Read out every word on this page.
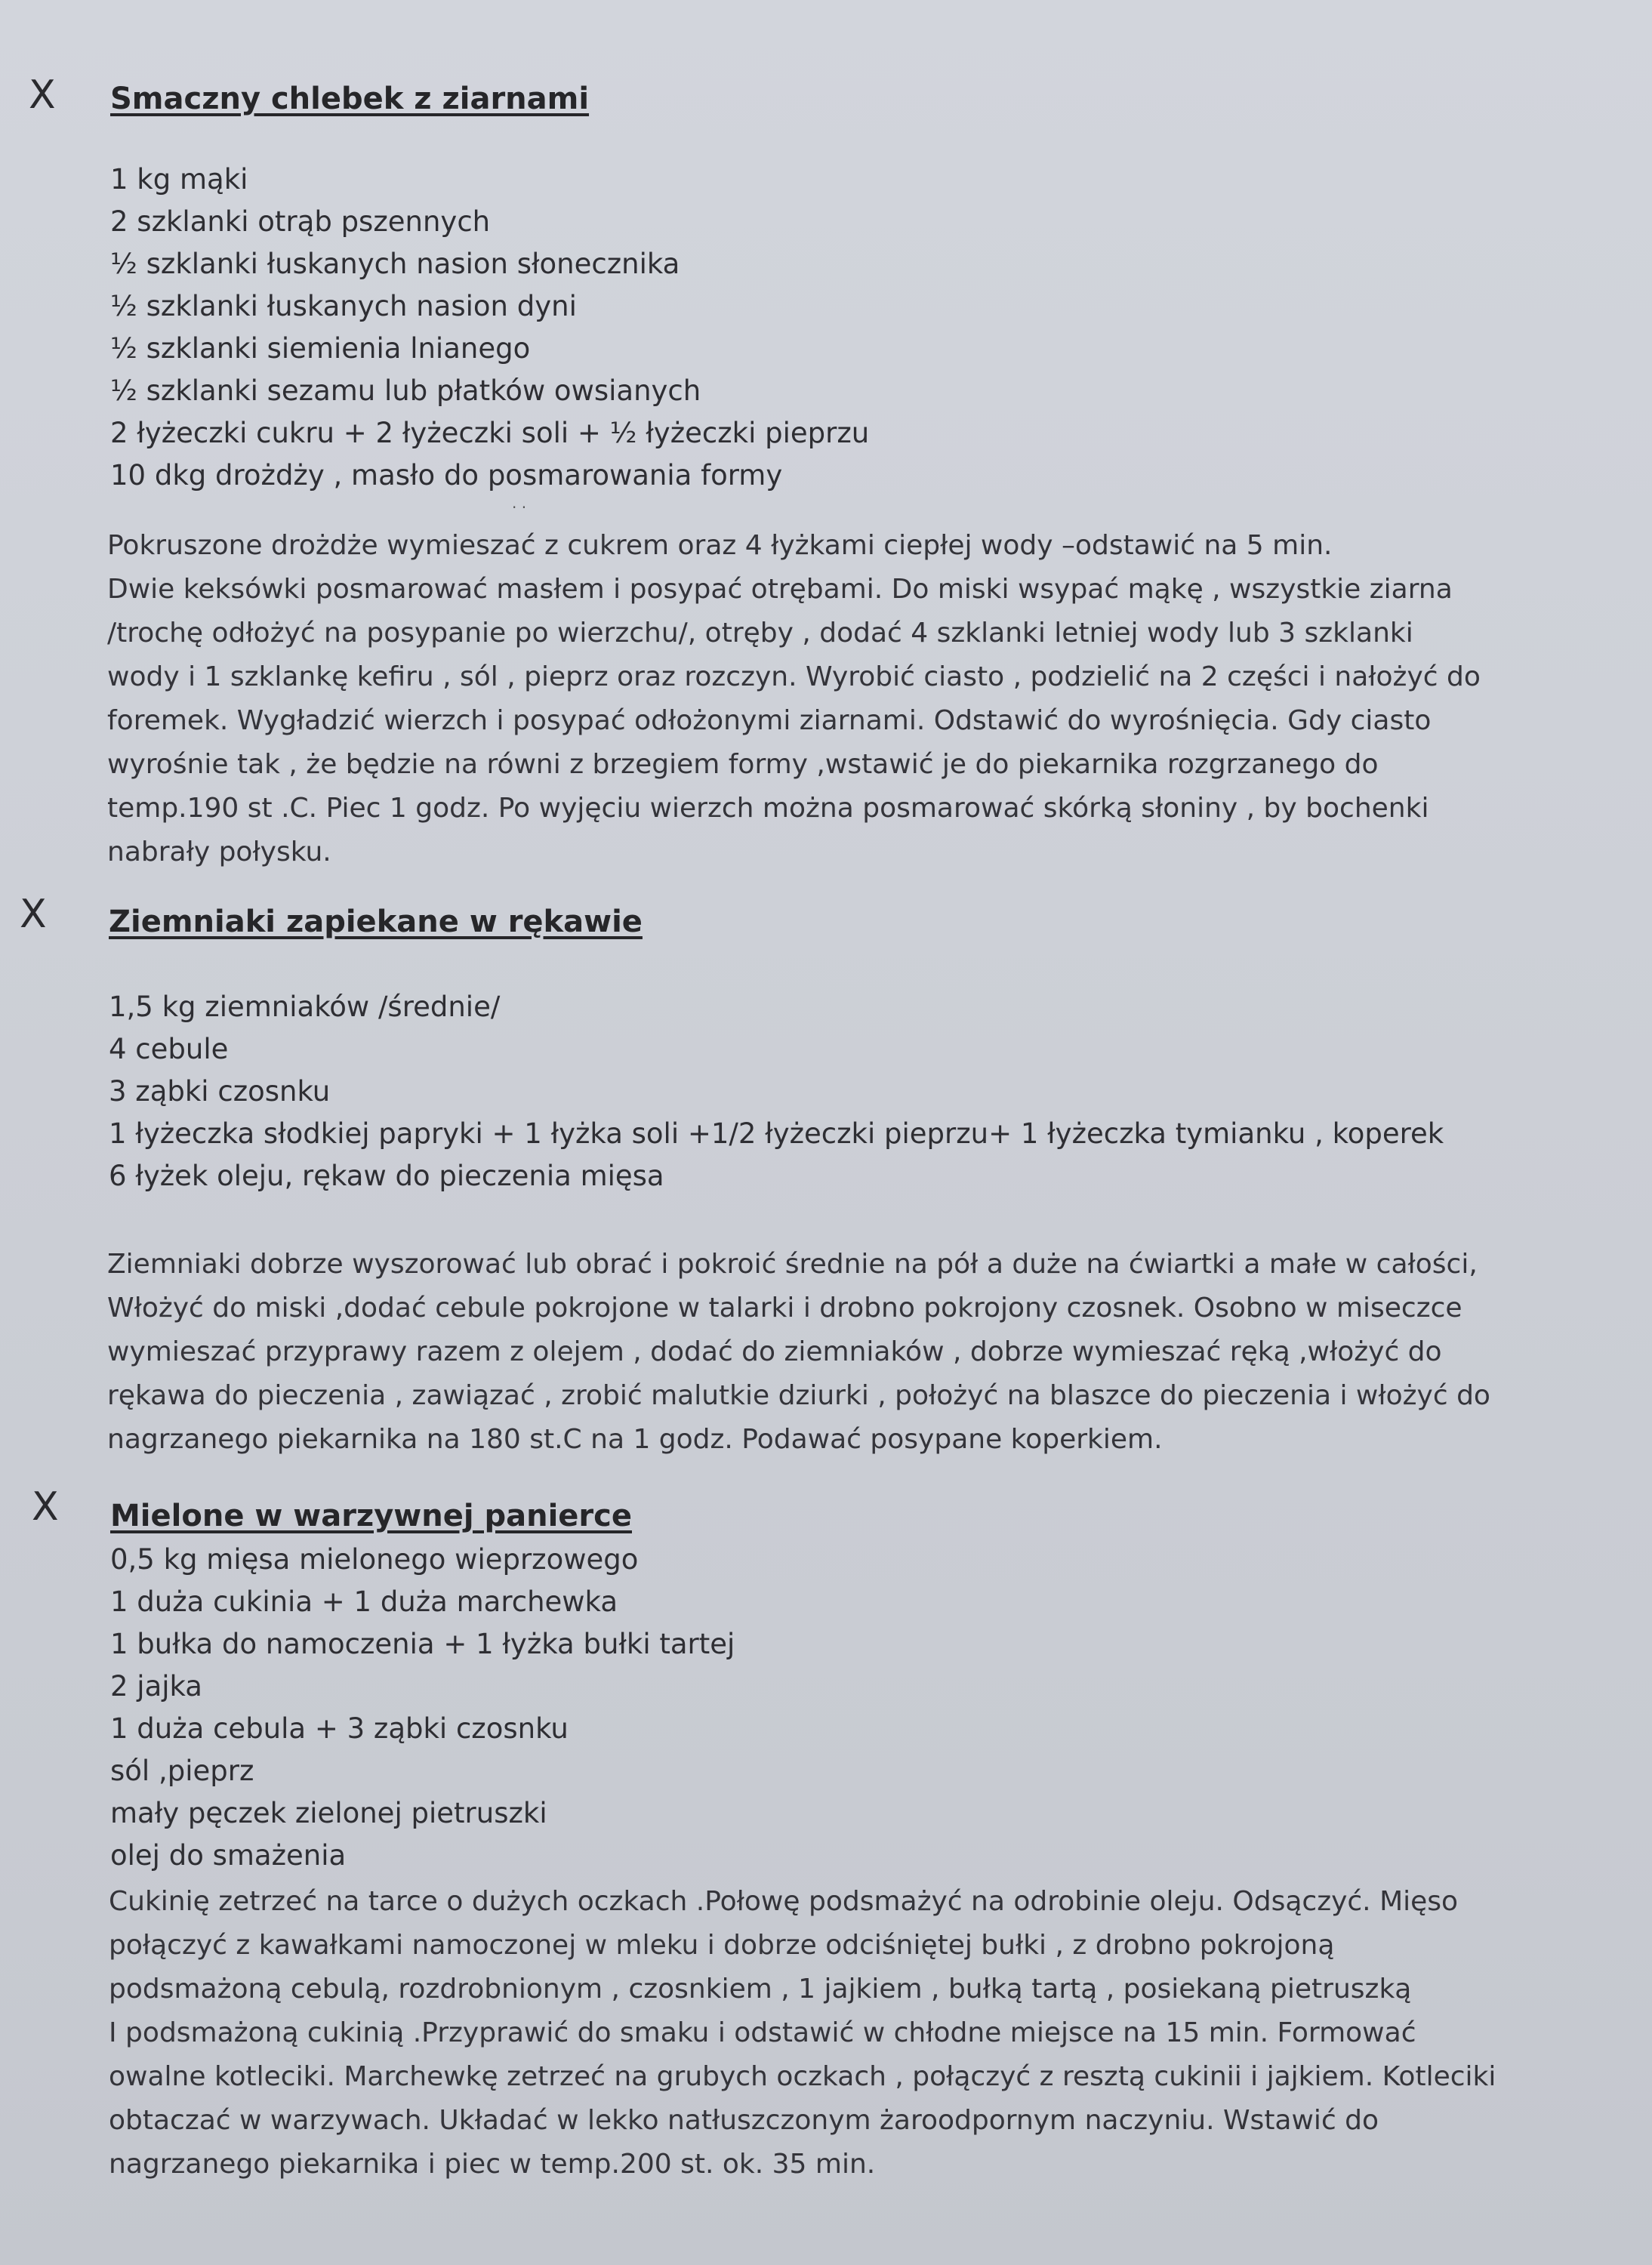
X Smaczny chlebek z ziarnami
1 kg mąki
2 szklanki otrąb pszennych
½ szklanki łuskanych nasion słonecznika
½ szklanki łuskanych nasion dyni
½ szklanki siemienia lnianego
½ szklanki sezamu lub płatków owsianych
2 łyżeczki cukru + 2 łyżeczki soli + ½ łyżeczki pieprzu
10 dkg drożdży , masło do posmarowania formy
· ·
Pokruszone drożdże wymieszać z cukrem oraz 4 łyżkami ciepłej wody –odstawić na 5 min.
Dwie keksówki posmarować masłem i posypać otrębami. Do miski wsypać mąkę , wszystkie ziarna
/trochę odłożyć na posypanie po wierzchu/, otręby , dodać 4 szklanki letniej wody lub 3 szklanki
wody i 1 szklankę kefiru , sól , pieprz oraz rozczyn. Wyrobić ciasto , podzielić na 2 części i nałożyć do
foremek. Wygładzić wierzch i posypać odłożonymi ziarnami. Odstawić do wyrośnięcia. Gdy ciasto
wyrośnie tak , że będzie na równi z brzegiem formy ,wstawić je do piekarnika rozgrzanego do
temp.190 st .C. Piec 1 godz. Po wyjęciu wierzch można posmarować skórką słoniny , by bochenki
nabrały połysku.
X Ziemniaki zapiekane w rękawie
1,5 kg ziemniaków /średnie/
4 cebule
3 ząbki czosnku
1 łyżeczka słodkiej papryki + 1 łyżka soli +1/2 łyżeczki pieprzu+ 1 łyżeczka tymianku , koperek
6 łyżek oleju, rękaw do pieczenia mięsa
Ziemniaki dobrze wyszorować lub obrać i pokroić średnie na pół a duże na ćwiartki a małe w całości,
Włożyć do miski ,dodać cebule pokrojone w talarki i drobno pokrojony czosnek. Osobno w miseczce
wymieszać przyprawy razem z olejem , dodać do ziemniaków , dobrze wymieszać ręką ,włożyć do
rękawa do pieczenia , zawiązać , zrobić malutkie dziurki , położyć na blaszce do pieczenia i włożyć do
nagrzanego piekarnika na 180 st.C na 1 godz. Podawać posypane koperkiem.
X Mielone w warzywnej panierce
0,5 kg mięsa mielonego wieprzowego
1 duża cukinia + 1 duża marchewka
1 bułka do namoczenia + 1 łyżka bułki tartej
2 jajka
1 duża cebula + 3 ząbki czosnku
sól ,pieprz
mały pęczek zielonej pietruszki
olej do smażenia
Cukinię zetrzeć na tarce o dużych oczkach .Połowę podsmażyć na odrobinie oleju. Odsączyć. Mięso
połączyć z kawałkami namoczonej w mleku i dobrze odciśniętej bułki , z drobno pokrojoną
podsmażoną cebulą, rozdrobnionym , czosnkiem , 1 jajkiem , bułką tartą , posiekaną pietruszką
I podsmażoną cukinią .Przyprawić do smaku i odstawić w chłodne miejsce na 15 min. Formować
owalne kotleciki. Marchewkę zetrzeć na grubych oczkach , połączyć z resztą cukinii i jajkiem. Kotleciki
obtaczać w warzywach. Układać w lekko natłuszczonym żaroodpornym naczyniu. Wstawić do
nagrzanego piekarnika i piec w temp.200 st. ok. 35 min.
